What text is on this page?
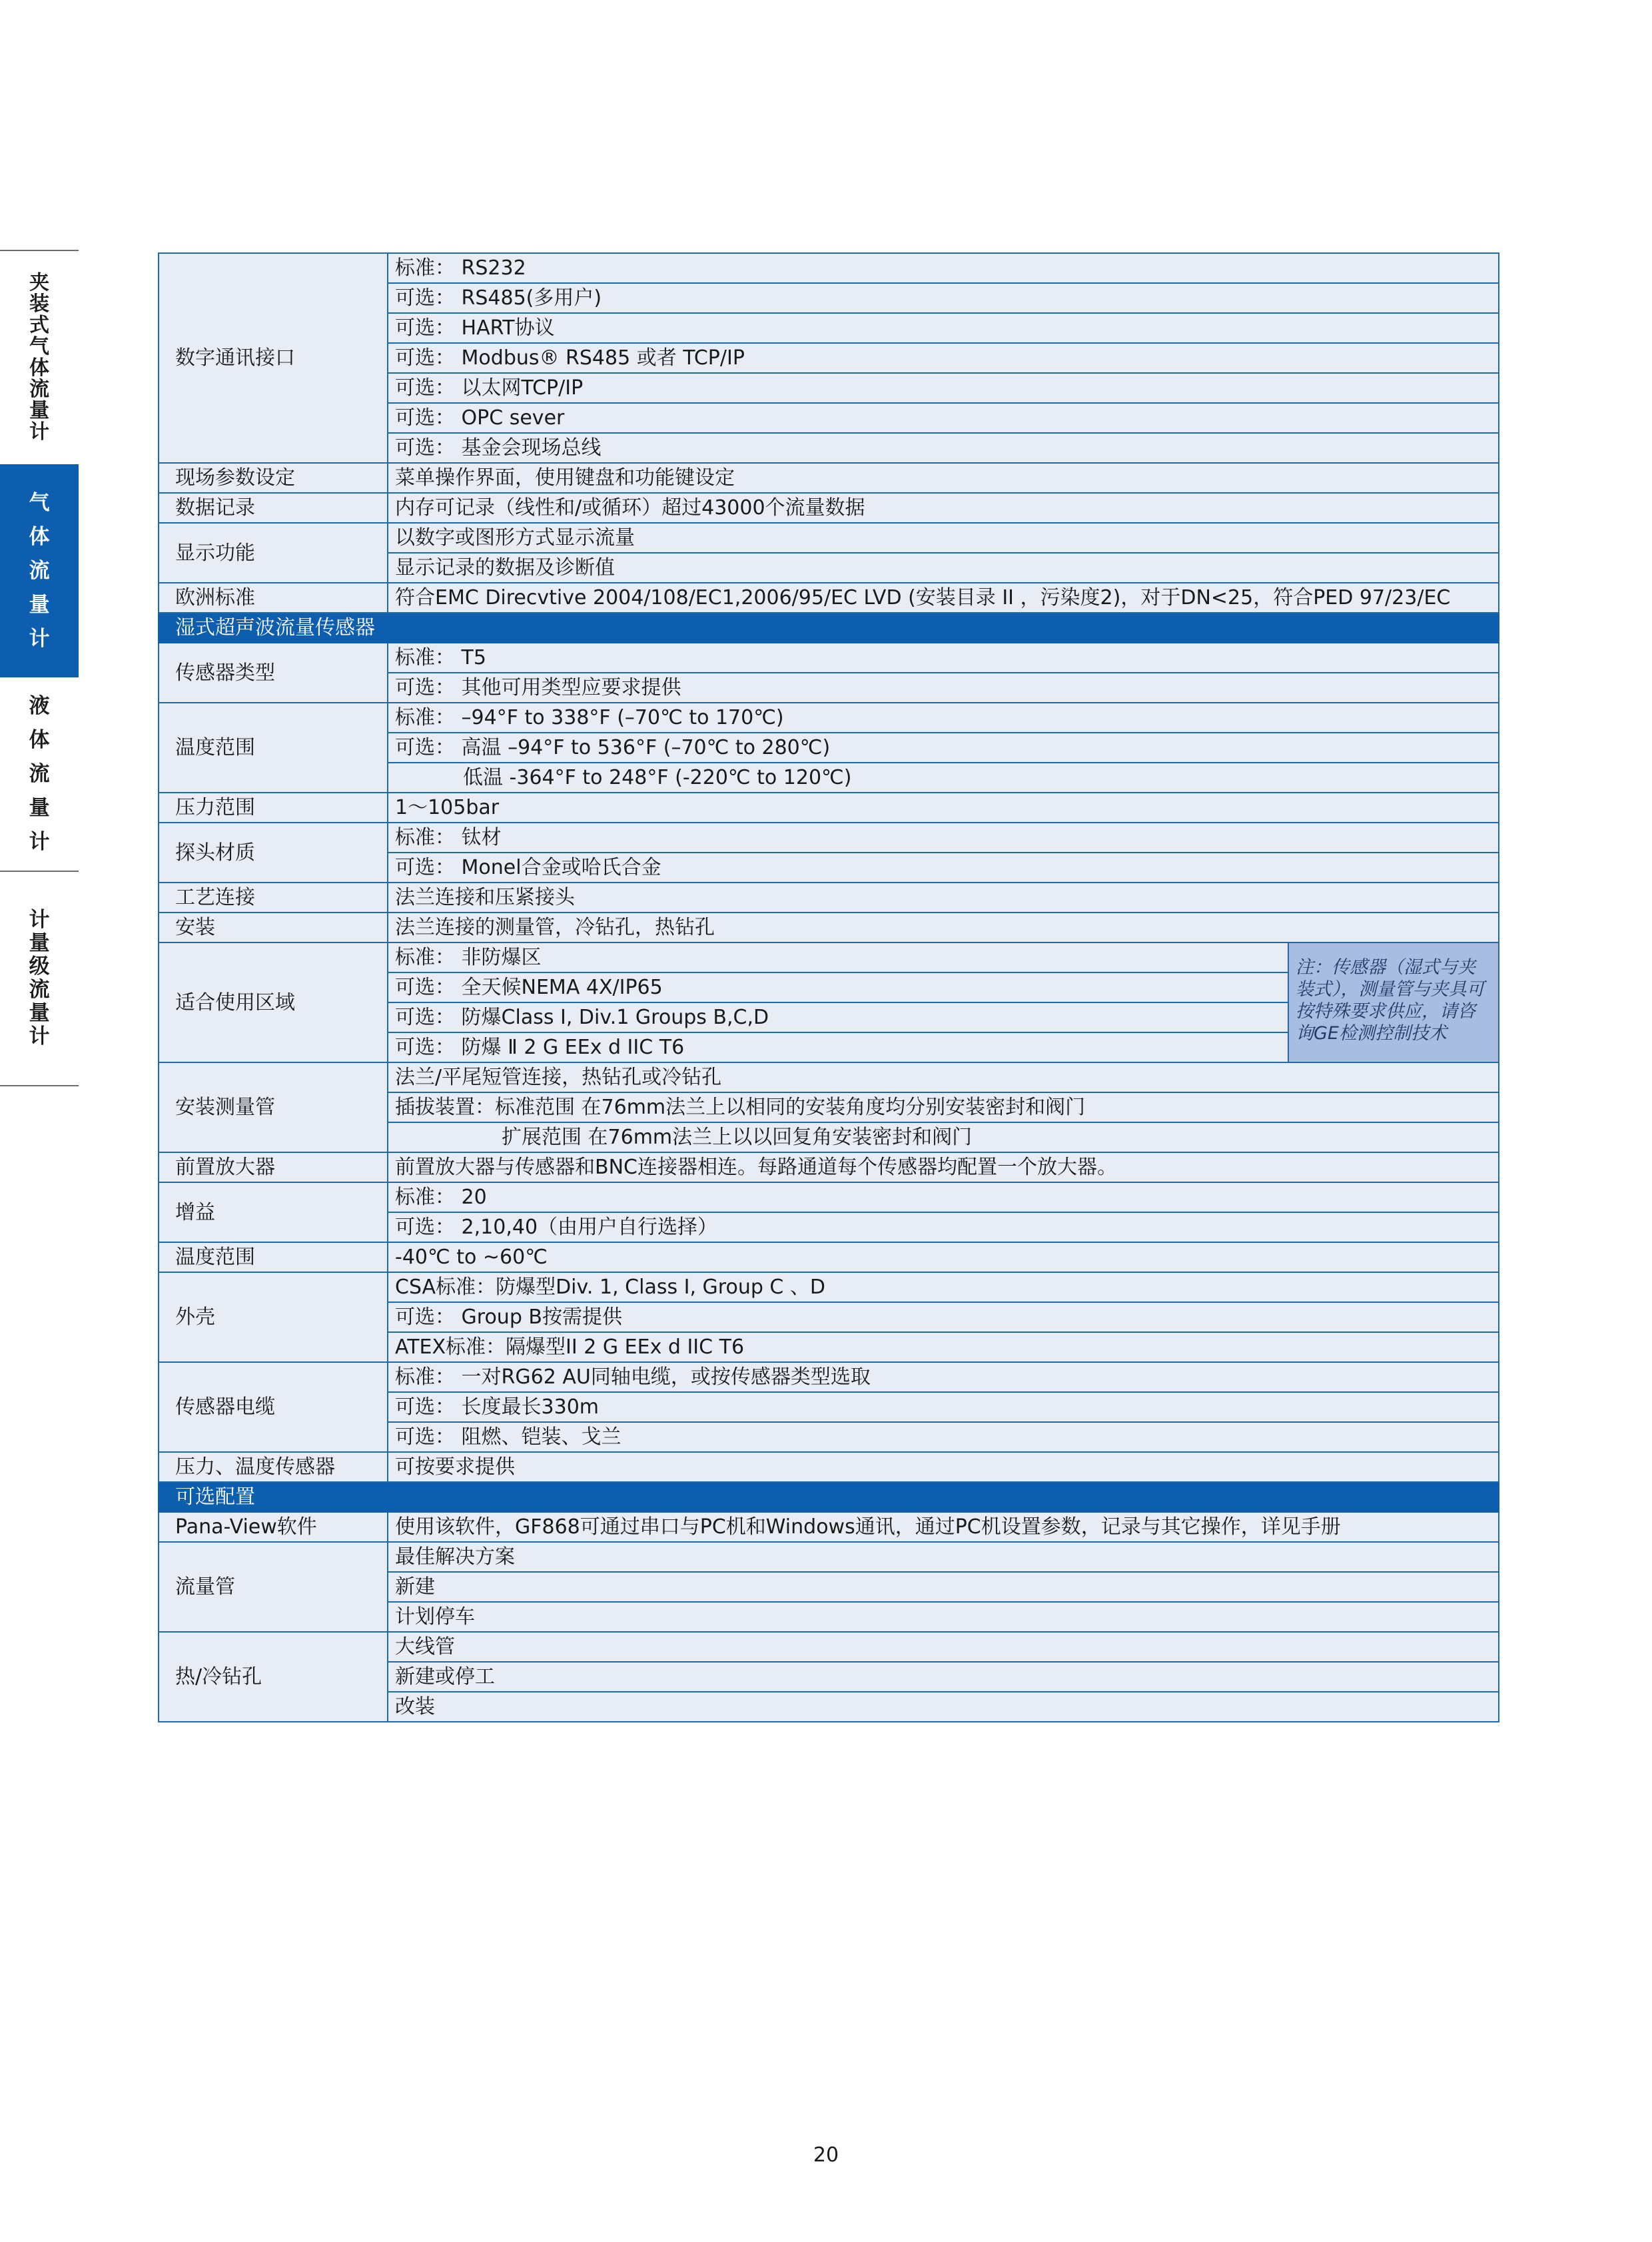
夹
装
式
气
体
流
量
计
气
体
流
量
计
液
体
流
量
计
计
量
级
流
量
计
数字通讯接口	标准： RS232	
	可选： RS485(多用户)	
	可选： HART协议	
	可选： Modbus® RS485 或者 TCP/IP	
	可选： 以太网TCP/IP	
	可选： OPC sever	
	可选： 基金会现场总线	
现场参数设定	菜单操作界面，使用键盘和功能键设定	
数据记录	内存可记录（线性和/或循环）超过43000个流量数据	
显示功能	以数字或图形方式显示流量	
	显示记录的数据及诊断值	
欧洲标准	符合EMC Direcvtive 2004/108/EC1,2006/95/EC LVD (安装目录 II ，污染度2)，对于DN<25，符合PED 97/23/EC	
湿式超声波流量传感器		
传感器类型	标准： T5	
	可选： 其他可用类型应要求提供	
温度范围	标准： –94°F to 338°F (–70℃ to 170℃)	
	可选： 高温 –94°F to 536°F (–70℃ to 280℃)	
	低温 -364°F to 248°F (-220℃ to 120℃)	
压力范围	1～105bar	
探头材质	标准： 钛材	
	可选： Monel合金或哈氏合金	
工艺连接	法兰连接和压紧接头	
安装	法兰连接的测量管，冷钻孔，热钻孔	
适合使用区域	标准： 非防爆区	注：传感器（湿式与夹装式），测量管与夹具可按特殊要求供应，请咨询GE检测控制技术
	可选： 全天候NEMA 4X/IP65	
	可选： 防爆Class I, Div.1 Groups B,C,D	
	可选： 防爆 Ⅱ 2 G EEx d IIC T6	
安装测量管	法兰/平尾短管连接，热钻孔或冷钻孔	
	插拔装置：标准范围 在76mm法兰上以相同的安装角度均分别安装密封和阀门	
	扩展范围 在76mm法兰上以以回复角安装密封和阀门	
前置放大器	前置放大器与传感器和BNC连接器相连。每路通道每个传感器均配置一个放大器。	
增益	标准： 20	
	可选： 2,10,40（由用户自行选择）	
温度范围	-40℃ to ~60℃	
外壳	CSA标准：防爆型Div. 1, Class I, Group C 、D	
	可选： Group B按需提供	
	ATEX标准：隔爆型II 2 G EEx d IIC T6	
传感器电缆	标准： 一对RG62 AU同轴电缆，或按传感器类型选取	
	可选： 长度最长330m	
	可选： 阻燃、铠装、戈兰	
压力、温度传感器	可按要求提供	
可选配置		
Pana-View软件	使用该软件，GF868可通过串口与PC机和Windows通讯，通过PC机设置参数，记录与其它操作，详见手册	
流量管	最佳解决方案	
	新建	
	计划停车	
热/冷钻孔	大线管	
	新建或停工	
	改装	
20
